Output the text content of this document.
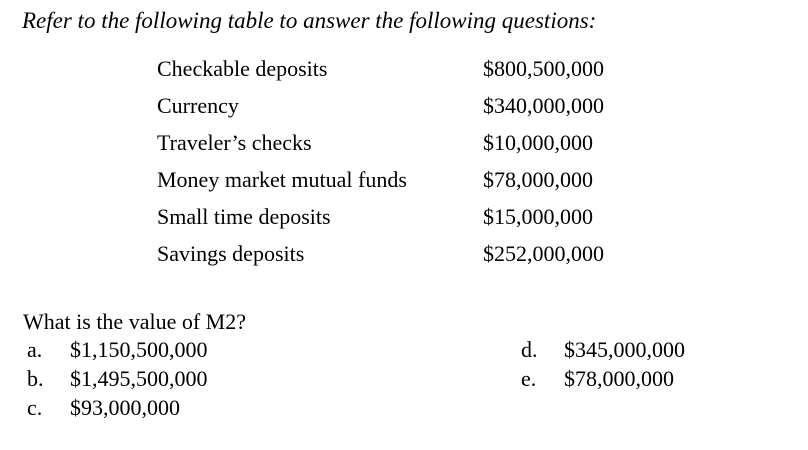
Refer to the following table to answer the following questions:
Checkable deposits	$800,500,000
Currency	$340,000,000
Traveler’s checks	$10,000,000
Money market mutual funds	$78,000,000
Small time deposits	$15,000,000
Savings deposits	$252,000,000
What is the value of M2?
a. $1,150,500,000
b. $1,495,500,000
c. $93,000,000
d. $345,000,000
e. $78,000,000
